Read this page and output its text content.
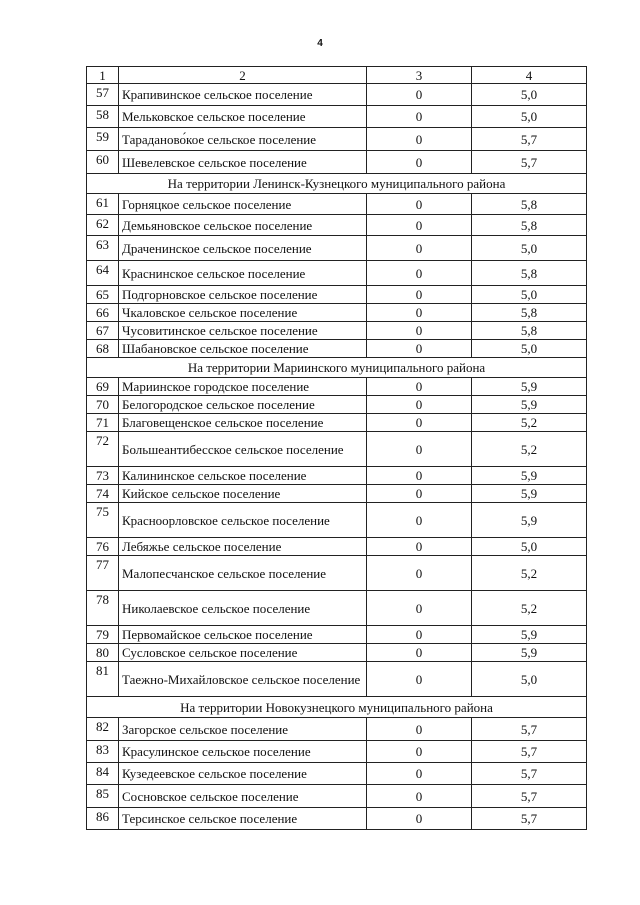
4
1	2	3	4
57	Крапивинское сельское поселение	0	5,0
58	Мельковское сельское поселение	0	5,0
59	Тараданово́кое сельское поселение	0	5,7
60	Шевелевское сельское поселение	0	5,7
На территории Ленинск-Кузнецкого муниципального района			
61	Горняцкое сельское поселение	0	5,8
62	Демьяновское сельское поселение	0	5,8
63	Драченинское сельское поселение	0	5,0
64	Краснинское сельское поселение	0	5,8
65	Подгорновское сельское поселение	0	5,0
66	Чкаловское сельское поселение	0	5,8
67	Чусовитинское сельское поселение	0	5,8
68	Шабановское сельское поселение	0	5,0
На территории Мариинского муниципального района			
69	Мариинское городское поселение	0	5,9
70	Белогородское сельское поселение	0	5,9
71	Благовещенское сельское поселение	0	5,2
72	Большеантибесское сельское поселение	0	5,2
73	Калининское сельское поселение	0	5,9
74	Кийское сельское поселение	0	5,9
75	Красноорловское сельское поселение	0	5,9
76	Лебяжье сельское поселение	0	5,0
77	Малопесчанское сельское поселение	0	5,2
78	Николаевское сельское поселение	0	5,2
79	Первомайское сельское поселение	0	5,9
80	Сусловское сельское поселение	0	5,9
81	Таежно-Михайловское сельское поселение	0	5,0
На территории Новокузнецкого муниципального района			
82	Загорское сельское поселение	0	5,7
83	Красулинское сельское поселение	0	5,7
84	Кузедеевское сельское поселение	0	5,7
85	Сосновское сельское поселение	0	5,7
86	Терсинское сельское поселение	0	5,7
